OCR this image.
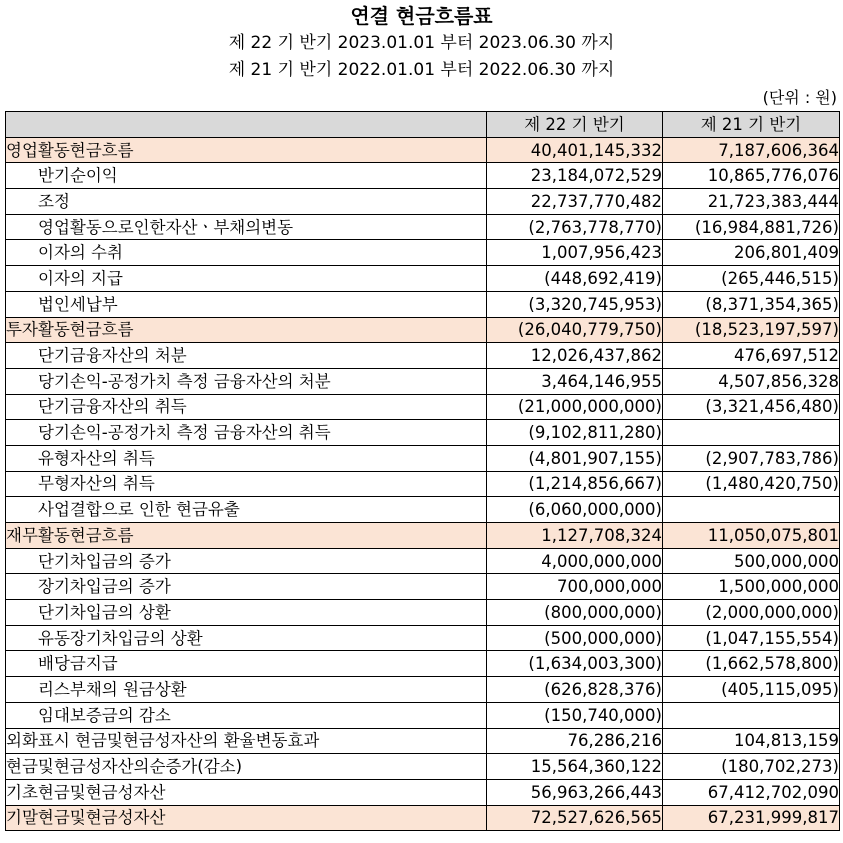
연결 현금흐름표
제 22 기 반기 2023.01.01 부터 2023.06.30 까지
제 21 기 반기 2022.01.01 부터 2022.06.30 까지
(단위 : 원)
	제 22 기 반기	제 21 기 반기
영업활동현금흐름	40,401,145,332	7,187,606,364
반기순이익	23,184,072,529	10,865,776,076
조정	22,737,770,482	21,723,383,444
영업활동으로인한자산ㆍ부채의변동	(2,763,778,770)	(16,984,881,726)
이자의 수취	1,007,956,423	206,801,409
이자의 지급	(448,692,419)	(265,446,515)
법인세납부	(3,320,745,953)	(8,371,354,365)
투자활동현금흐름	(26,040,779,750)	(18,523,197,597)
단기금융자산의 처분	12,026,437,862	476,697,512
당기손익-공정가치 측정 금융자산의 처분	3,464,146,955	4,507,856,328
단기금융자산의 취득	(21,000,000,000)	(3,321,456,480)
당기손익-공정가치 측정 금융자산의 취득	(9,102,811,280)	
유형자산의 취득	(4,801,907,155)	(2,907,783,786)
무형자산의 취득	(1,214,856,667)	(1,480,420,750)
사업결합으로 인한 현금유출	(6,060,000,000)	
재무활동현금흐름	1,127,708,324	11,050,075,801
단기차입금의 증가	4,000,000,000	500,000,000
장기차입금의 증가	700,000,000	1,500,000,000
단기차입금의 상환	(800,000,000)	(2,000,000,000)
유동장기차입금의 상환	(500,000,000)	(1,047,155,554)
배당금지급	(1,634,003,300)	(1,662,578,800)
리스부채의 원금상환	(626,828,376)	(405,115,095)
임대보증금의 감소	(150,740,000)	
외화표시 현금및현금성자산의 환율변동효과	76,286,216	104,813,159
현금및현금성자산의순증가(감소)	15,564,360,122	(180,702,273)
기초현금및현금성자산	56,963,266,443	67,412,702,090
기말현금및현금성자산	72,527,626,565	67,231,999,817
